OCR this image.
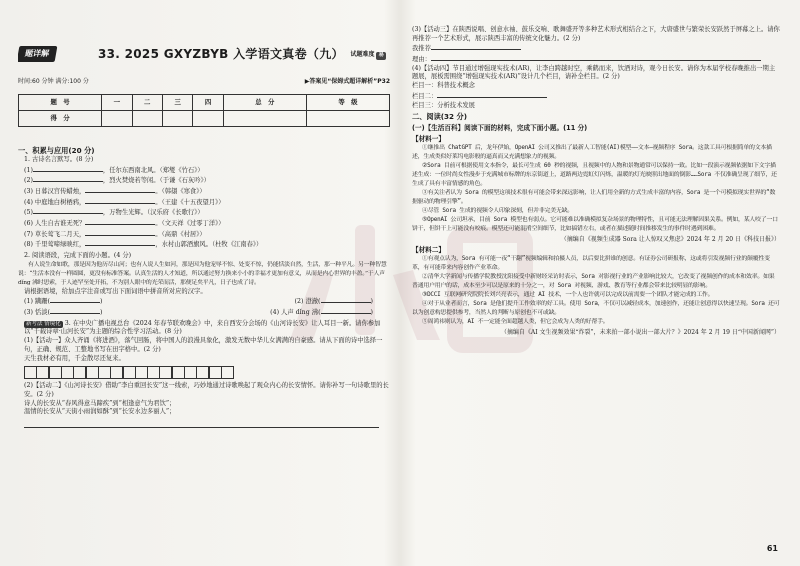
题详解	33. 2025 GXYZBYB 入学语文真卷（九） 试题难度 易
时间:60 分钟 满分:100 分	▶答案见“保姆式超详解析”P32
题　号	一	二	三	四	总　分	等　级
得　分						
一、积累与应用(20 分)
1. 古诗名言默写。(8 分)
(1)	，任尔东西南北风。（郑燮《竹石》）
(2)	，烈火焚烧若等闲。（于谦《石灰吟》）
(3) 日暮汉宫传蜡烛，	。（韩翃《寒食》）
(4) 中庭地白树栖鸦，	。（王建《十五夜望月》）
(5)	，万物生光辉。（汉乐府《长歌行》）
(6) 人生自古谁无死？	。（文天祥《过零丁洋》）
(7) 草长莺飞二月天，	。（高鼎《村居》）
(8) 千里莺啼绿映红，	，水村山郭酒旗风。（杜牧《江南春》）
2. 阅读语段，完成下面的小题。(4 分)
有人说生命如歌，那是因为他历尽山河；也有人说人生如河，那是因为他宠辱不惊、处变不惊，仍能恬淡自然，生活，那一种平凡。另一种智慧说：“生活本没有一样圆圆，更没有标准答案。认真生活的人才知道，所以通过努力换来小小的幸福才更加有意义，从而是内心世界的丰盈。”于人声 dǐng 沸时思索，于人迹罕至处开拓，不为别人眼中的光荣而活，那便足矣平凡，日子也成了诗。
请根据语境，给加点字注音或写出下面词语中拼音所对应的汉字。
(1) 蹒跚(	)	(2) 澄澈(	)
(3) 恬淡(	)	(4) 人声 dǐng 沸(	)
新考法 情境化 3. 在中央广播电视总台《2024 年春节联欢晚会》中，来自西安分会场的《山河诗长安》让人耳目一新。请你参加以“千载诗章·山河长安”为主题的综合性学习活动。(8 分)
(1)【活动一】众人齐诵《将进酒》，落气回肠，将中国人的浪漫具象化，激发无数中华儿女满满的自豪感。请从下面的诗中选择一句，正确、规范、工整地书写在田字格中。(2 分)
天生我材必有用，千金散尽还复来。
(2)【活动二】《山河诗长安》借助“李白重回长安”这一线索，巧妙地通过诗歌唤起了观众内心的长安情怀。请你补写一句诗歌里的长安。(2 分)
诗人的长安从“春风得意马蹄疾”到“相逢意气为君饮”；
温情的长安从“天街小雨润如酥”到“长安水边多丽人”；
(3)【活动三】在陕西说唱、创意水袖、鼓乐交响、歌舞盛开等多种艺术形式相结合之下，大唐盛世与繁荣长安跃然于屏幕之上。请你再推荐一个艺术形式，展示陕西丰富的传统文化魅力。(2 分)
我推荐
理由：
(4)【活动四】节目通过增强现实技术(AR)，让李白跨越时空，乘鹤而来，饮酒对诗，观今日长安。请你为本届学校春晚推出一期主题展，展板需围绕“增强现实技术(AR)”设计几个栏目，请补全栏目。(2 分)
栏目一：科普技术概念
栏目二：
栏目三：分析技术发展
二、阅读(32 分)
(一)【生活百科】阅读下面的材料，完成下面小题。(11 分)
【材料一】
①继推出 ChatGPT 后，龙年伊始，OpenAI 公司又推出了最新人工智能(AI)模型——文本—视频程序 Sora。这款工具可根据简单的文本描述，生成类似好莱坞电影般的逼真而又充满想象力的视频。
②Sora 目前可根据使用文本指令，最长可生成 60 秒的视频，且视频中的人物和景物通常可以保持一致。比如一段演示视频依据如下文字描述生成：一位时尚女性漫步于充满城市标牌的东京街道上，道路两边霓虹灯闪烁，温暖的灯光映照出地面的倒影……Sora 不仅准确呈现了细节，还生成了具有丰富情感的角色。
③有关注者认为 Sora 的模型这项技术很有可能会带来深远影响，让人们用全新的方式生成丰富的内容，Sora 是一个可模拟现实世界的“数据驱动的物理引擎”。
④尽管 Sora 生成的视频令人印象深刻，但并非完美无缺。
⑤OpenAI 公司坦承，目前 Sora 模型也有弱点。它可能难以准确模拟复杂场景的物理特性，且可能无法理解因果关系。例如，某人咬了一口饼干，但饼干上可能没有咬痕。模型还可能混淆空间细节，比如搞错左右，或者在描述随时间推移发生的事件时遇到困难。
（摘编自《视频生成器 Sora 让人惊叹又焦虑》2024 年 2 月 20 日《科技日报》）
【材料二】
①有观点认为，Sora 有可能一夜“干翻”视频编辑和拍摄人员，以后要比拼谁的创意。有证券公司研报称，这或将引发视频行业的颠覆性变革，有可能带来内容创作产业革命。
②清华大学新闻与传播学院教授沈阳接受中新财经采访时表示，Sora 对影视行业的产业影响比较大，它改变了视频创作的成本和效率。如果普通用户用户的话，成本至少可以是原来的十分之一，对 Sora 对视频、游戏、教育等行业都会带来比较明显的影响。
③DCCI 互联网研究院院长刘兴亮表示，通过 AI 技术，一个人也许就可以完成以前需要一个团队才能完成的工作。
④对于从业者而言，Sora 是他们提升工作效率的好工具。使用 Sora，不仅可以减轻成本，加速创作，还能让创意得以快速呈现。Sora 还可以为创意构思提供参考，当然人的判断与原创也不可或缺。
⑤周鸿祎则认为，AI 不一定能全面超越人类，但它会成为人类的好帮手。
（摘编自《AI 文生视频效果“炸裂”，未来拍一部小说出一部大片？》2024 年 2 月 19 日“中国新闻网”）
61
